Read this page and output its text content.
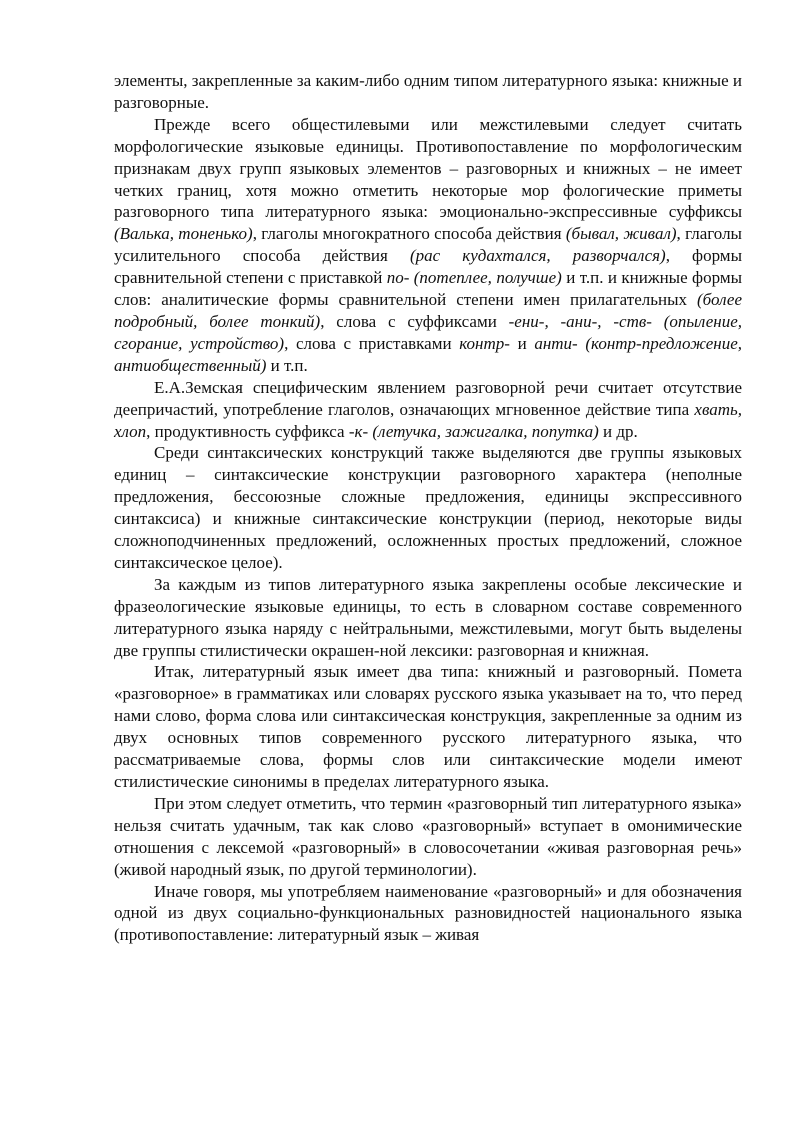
элементы, закрепленные за каким-либо одним типом литературного языка: книжные и разговорные.

Прежде всего общестилевыми или межстилевыми следует считать морфологические языковые единицы. Противопоставление по морфологическим признакам двух групп языковых элементов – разговорных и книжных – не имеет четких границ, хотя можно отметить некоторые мор фологические приметы разговорного типа литературного языка: эмоционально-экспрессивные суффиксы (Валька, тоненько), глаголы многократного способа действия (бывал, живал), глаголы усилительного способа действия (рас кудахтался, разворчался), формы сравнительной степени с приставкой по- (потеплее, получше) и т.п. и книжные формы слов: аналитические формы сравнительной степени имен прилагательных (более подробный, более тонкий), слова с суффиксами -ени-, -ани-, -ств- (опыление, сгорание, устройство), слова с приставками контр- и анти- (контр-предложение, антиобщественный) и т.п.

Е.А.Земская специфическим явлением разговорной речи считает отсутствие деепричастий, употребление глаголов, означающих мгновенное действие типа хвать, хлоп, продуктивность суффикса -к- (летучка, зажигалка, попутка) и др.

Среди синтаксических конструкций также выделяются две группы языковых единиц – синтаксические конструкции разговорного характера (неполные предложения, бессоюзные сложные предложения, единицы экспрессивного синтаксиса) и книжные синтаксические конструкции (период, некоторые виды сложноподчиненных предложений, осложненных простых предложений, сложное синтаксическое целое).

За каждым из типов литературного языка закреплены особые лексические и фразеологические языковые единицы, то есть в словарном составе современного литературного языка наряду с нейтральными, межстилевыми, могут быть выделены две группы стилистически окрашен-ной лексики: разговорная и книжная.

Итак, литературный язык имеет два типа: книжный и разговорный. Помета «разговорное» в грамматиках или словарях русского языка указывает на то, что перед нами слово, форма слова или синтаксическая конструкция, закрепленные за одним из двух основных типов современного русского литературного языка, что рассматриваемые слова, формы слов или синтаксические модели имеют стилистические синонимы в пределах литературного языка.

При этом следует отметить, что термин «разговорный тип литературного языка» нельзя считать удачным, так как слово «разговорный» вступает в омонимические отношения с лексемой «разговорный» в словосочетании «живая разговорная речь» (живой народный язык, по другой терминологии).

Иначе говоря, мы употребляем наименование «разговорный» и для обозначения одной из двух социально-функциональных разновидностей национального языка (противопоставление: литературный язык – живая
